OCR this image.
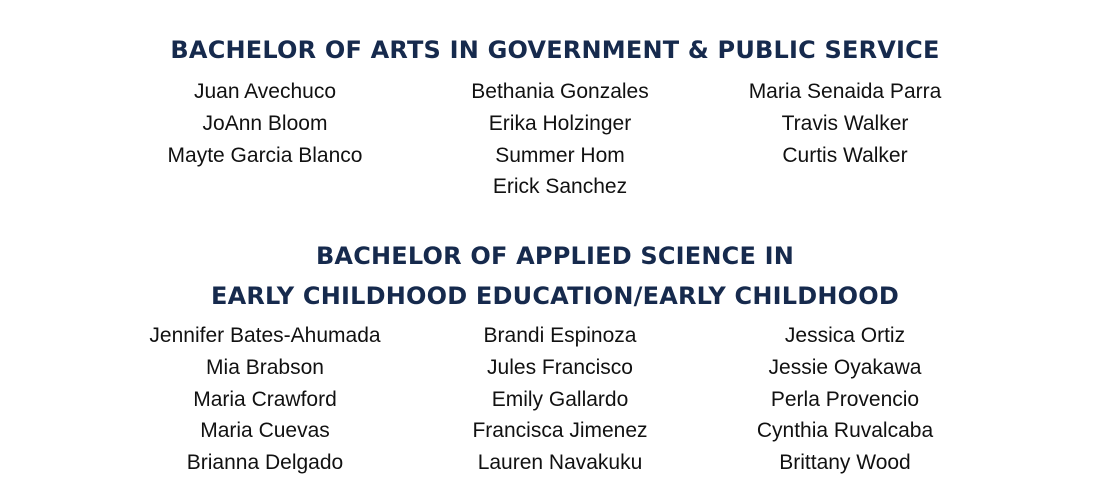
BACHELOR OF ARTS IN GOVERNMENT & PUBLIC SERVICE
Juan Avechuco
JoAnn Bloom
Mayte Garcia Blanco
Bethania Gonzales
Erika Holzinger
Summer Hom
Erick Sanchez
Maria Senaida Parra
Travis Walker
Curtis Walker
BACHELOR OF APPLIED SCIENCE IN
EARLY CHILDHOOD EDUCATION/EARLY CHILDHOOD
Jennifer Bates-Ahumada
Mia Brabson
Maria Crawford
Maria Cuevas
Brianna Delgado
Brandi Espinoza
Jules Francisco
Emily Gallardo
Francisca Jimenez
Lauren Navakuku
Jessica Ortiz
Jessie Oyakawa
Perla Provencio
Cynthia Ruvalcaba
Brittany Wood
